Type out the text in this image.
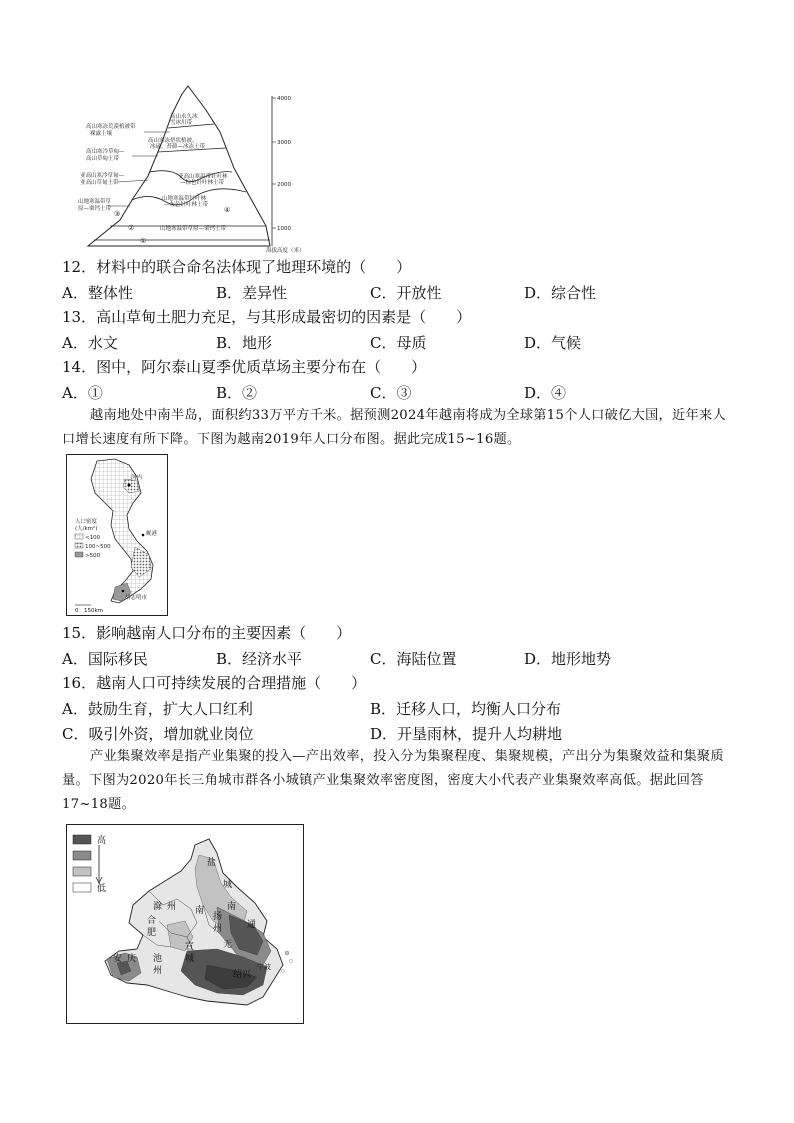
高山寒冻荒漠植被带
裸露土壤
高山寒冷草甸—
高山草甸土带
亚高山寒冷草甸—
亚高山草甸土带
山地寒温带草
原—栗钙土带
高山永久冰
雪冰川带
高山寒冻垫状植被、
冰碛、苔藓—冰冻土带
亚高山寒温带针叶林
—棕色针叶林土带
山地寒温带针叶林
—灰色针叶林土带
山地寒温带草原—栗钙土带
①
②
③	④
4000
3000
2000
1000
海拔高度（米）
12．材料中的联合命名法体现了地理环境的（　　）
A．整体性	B．差异性	C．开放性	D．综合性
13．高山草甸土肥力充足，与其形成最密切的因素是（　　）
A．水文	B．地形	C．母质	D．气候
14．图中，阿尔泰山夏季优质草场主要分布在（　　）
A．①	B．②	C．③	D．④
越南地处中南半岛，面积约33万平方千米。据预测2024年越南将成为全球第15个人口破亿大国，近年来人口增长速度有所下降。下图为越南2019年人口分布图。据此完成15~16题。
河内
岘港
胡志明市
人口密度
(人/km²)
<100
100~500
>500
0　150km
15．影响越南人口分布的主要因素（　　）
A．国际移民	B．经济水平	C．海陆位置	D．地形地势
16．越南人口可持续发展的合理措施（　　）
A．鼓励生育，扩大人口红利	B．迁移人口，均衡人口分布
C．吸引外资，增加就业岗位	D．开垦雨林，提升人均耕地
产业集聚效率是指产业集聚的投入—产出效率，投入分为集聚程度、集聚规模，产出分为集聚效益和集聚质量。下图为2020年长三角城市群各小城镇产业集聚效率密度图，密度大小代表产业集聚效率高低。据此回答17~18题。
高
低
盐
城
南
通
滁 州 南
扬
州
合
肥
无
宣
城
安 庆 池
州	绍兴
宁波
